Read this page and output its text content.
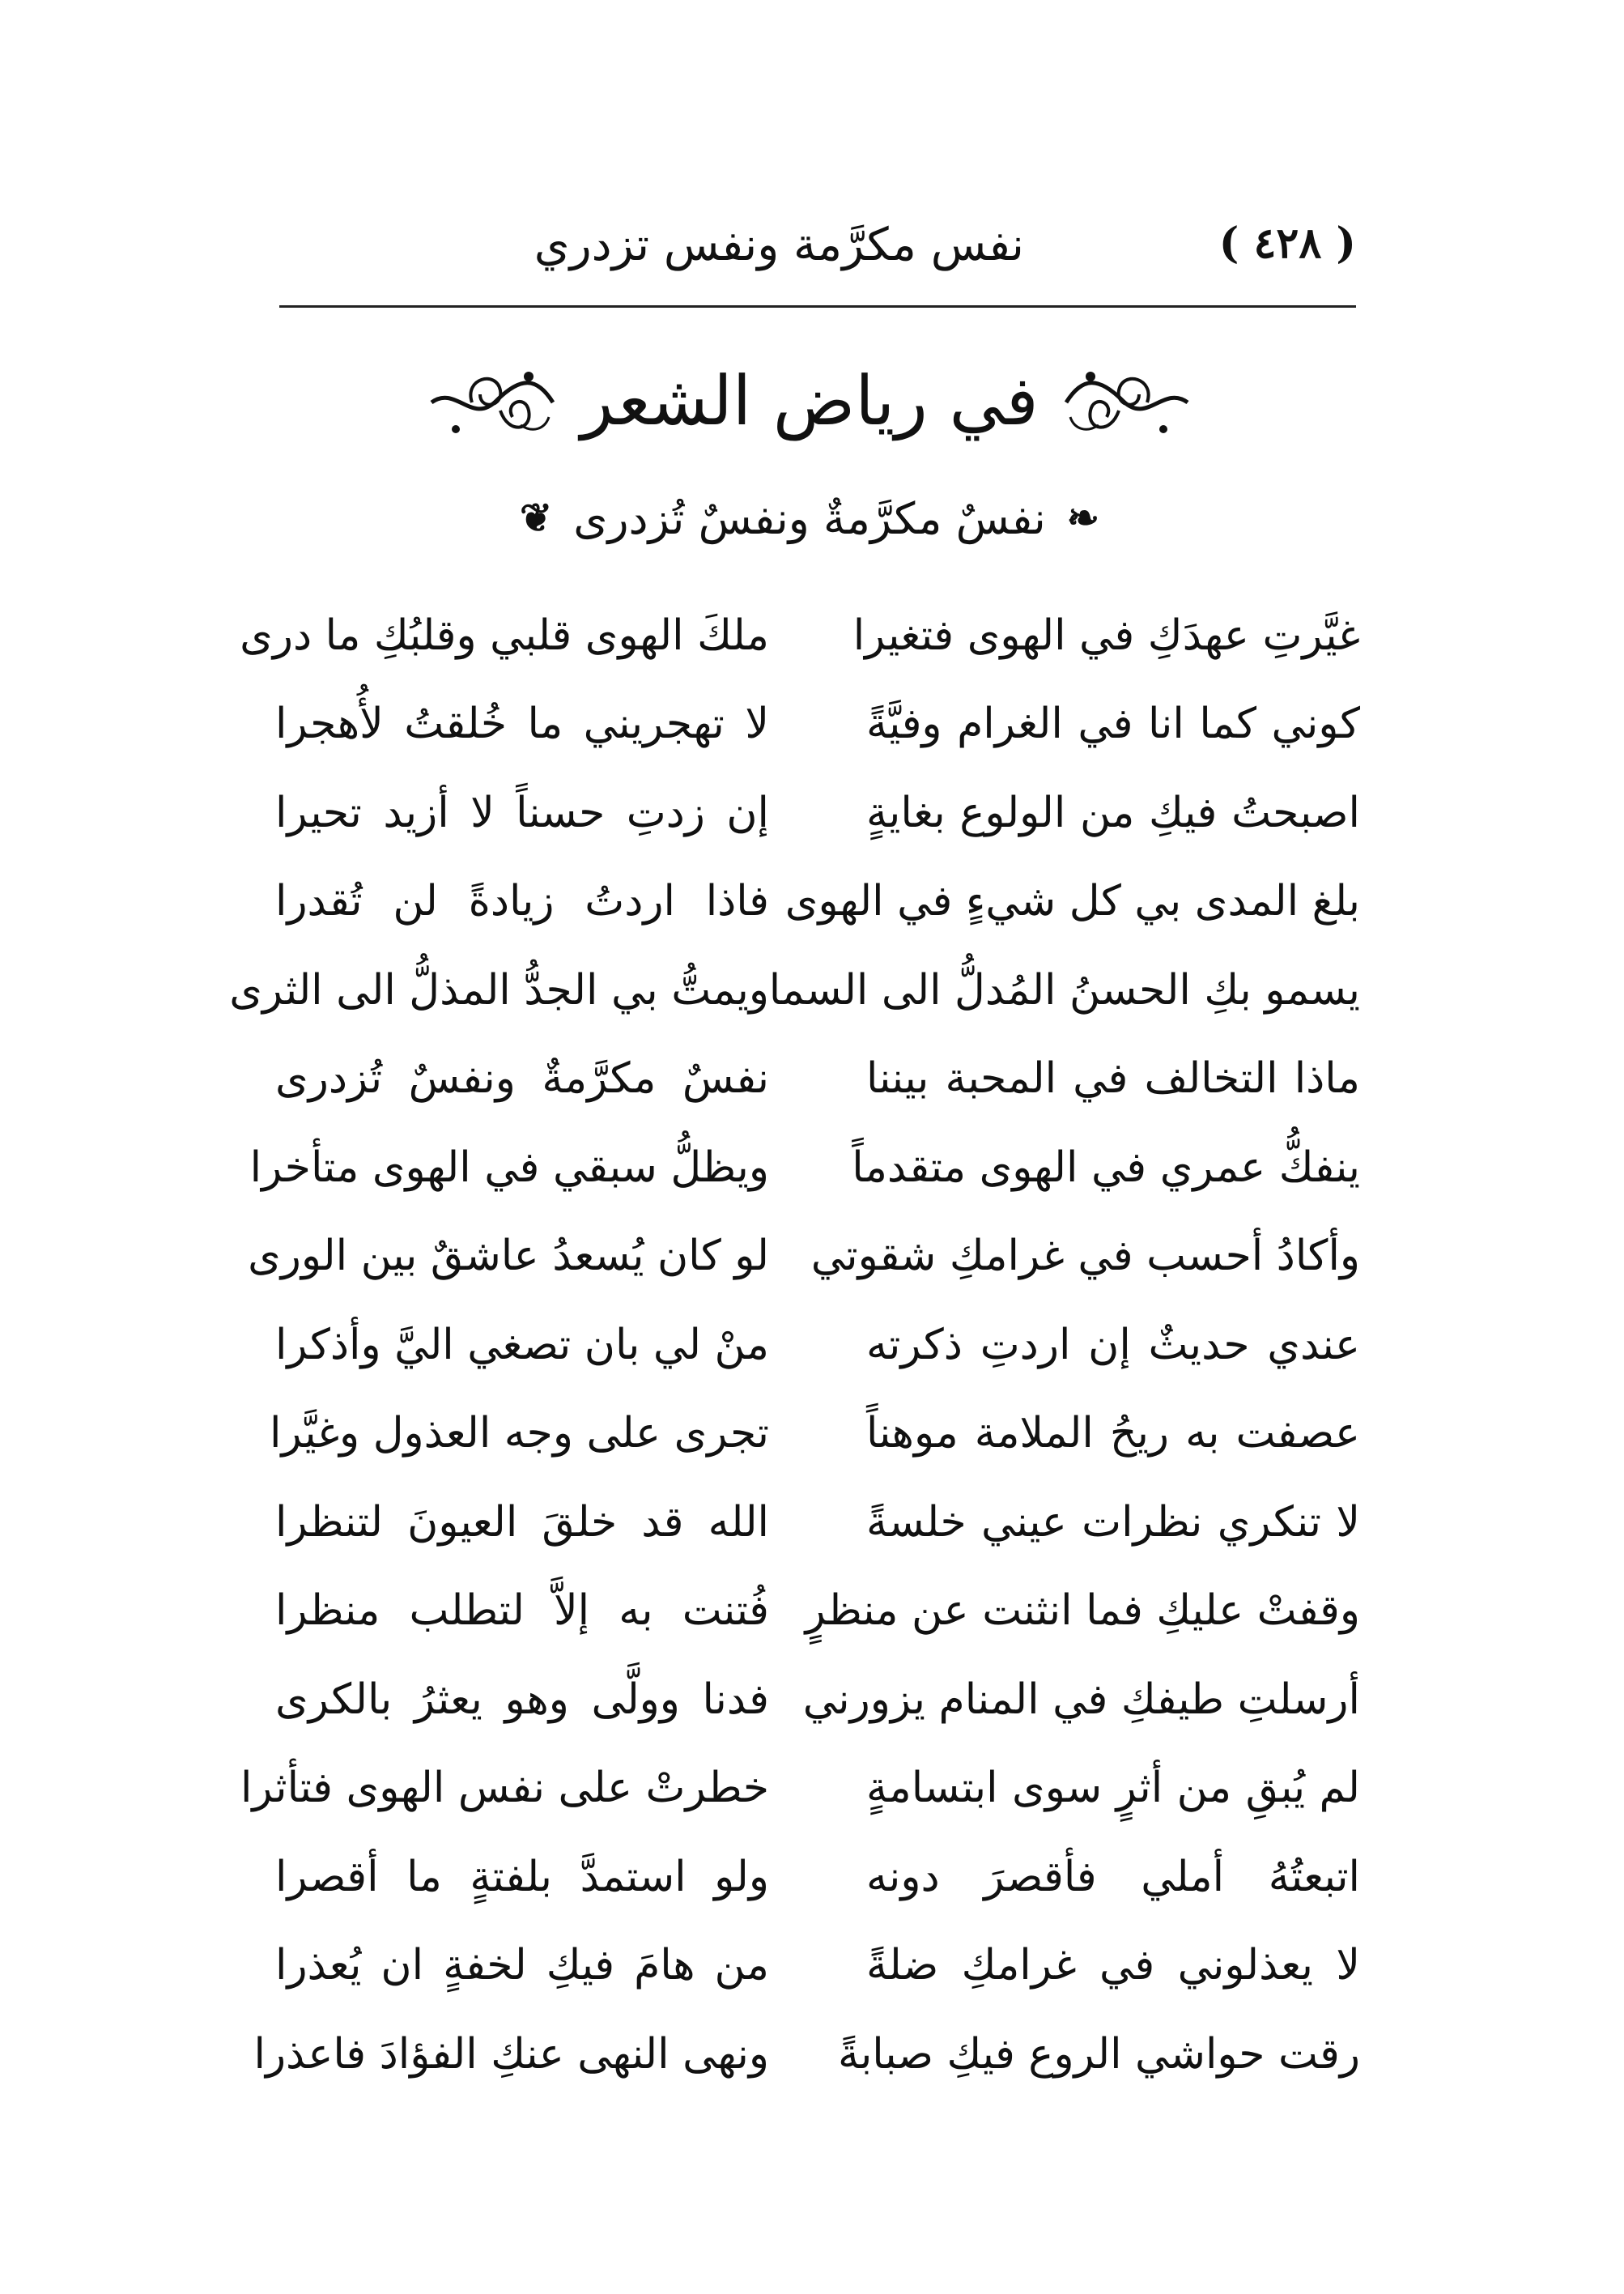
( ٤٢٨ )
نفس مكرَّمة ونفس تزدري
في رياض الشعر
❧
نفسٌ مكرَّمةٌ ونفسٌ تُزدرى
❦
غيَّرتِ عهدَكِ في الهوى فتغيرا
ملكَ الهوى قلبي وقلبُكِ ما درى
كوني كما انا في الغرام وفيَّةً
لا تهجريني ما خُلقتُ لأُهجرا
اصبحتُ فيكِ من الولوع بغايةٍ
إن زدتِ حسناً لا أزيد تحيرا
بلغ المدى بي كل شيءٍ في الهوى
فاذا اردتُ زيادةً لن تُقدرا
يسمو بكِ الحسنُ المُدلُّ الى السما
ويمتُّ بي الجدُّ المذلُّ الى الثرى
ماذا التخالف في المحبة بيننا
نفسٌ مكرَّمةٌ ونفسٌ تُزدرى
ينفكُّ عمري في الهوى متقدماً
ويظلُّ سبقي في الهوى متأخرا
وأكادُ أحسب في غرامكِ شقوتي
لو كان يُسعدُ عاشقٌ بين الورى
عندي حديثٌ إن اردتِ ذكرته
منْ لي بان تصغي اليَّ وأذكرا
عصفت به ريحُ الملامة موهناً
تجرى على وجه العذول وغيَّرا
لا تنكري نظرات عيني خلسةً
الله قد خلقَ العيونَ لتنظرا
وقفتْ عليكِ فما انثنت عن منظرٍ
فُتنت به إلاَّ لتطلب منظرا
أرسلتِ طيفكِ في المنام يزورني
فدنا وولَّى وهو يعثرُ بالكرى
لم يُبقِ من أثرٍ سوى ابتسامةٍ
خطرتْ على نفس الهوى فتأثرا
اتبعتُهُ أملي فأقصرَ دونه
ولو استمدَّ بلفتةٍ ما أقصرا
لا يعذلوني في غرامكِ ضلةً
من هامَ فيكِ لخفةٍ ان يُعذرا
رقت حواشي الروع فيكِ صبابةً
ونهى النهى عنكِ الفؤادَ فاعذرا
